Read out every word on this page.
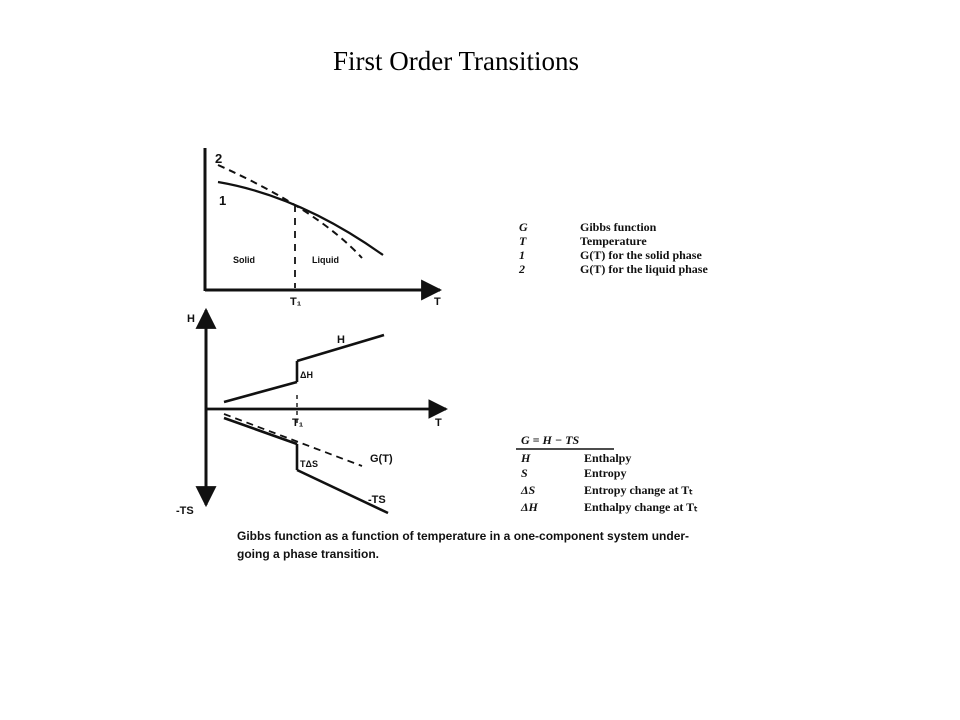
First Order Transitions
2
1
Solid	Liquid
T₁	T
H
-TS
H
ΔH
TΔS	G(T)
-TS
T₁	T
G	Gibbs function
T	Temperature
1	G(T) for the solid phase
2	G(T) for the liquid phase
G = H − TS
H	Enthalpy
S	Entropy
ΔS	Entropy change at Tₜ
ΔH	Enthalpy change at Tₜ
Gibbs function as a function of temperature in a one-component system under-
going a phase transition.
